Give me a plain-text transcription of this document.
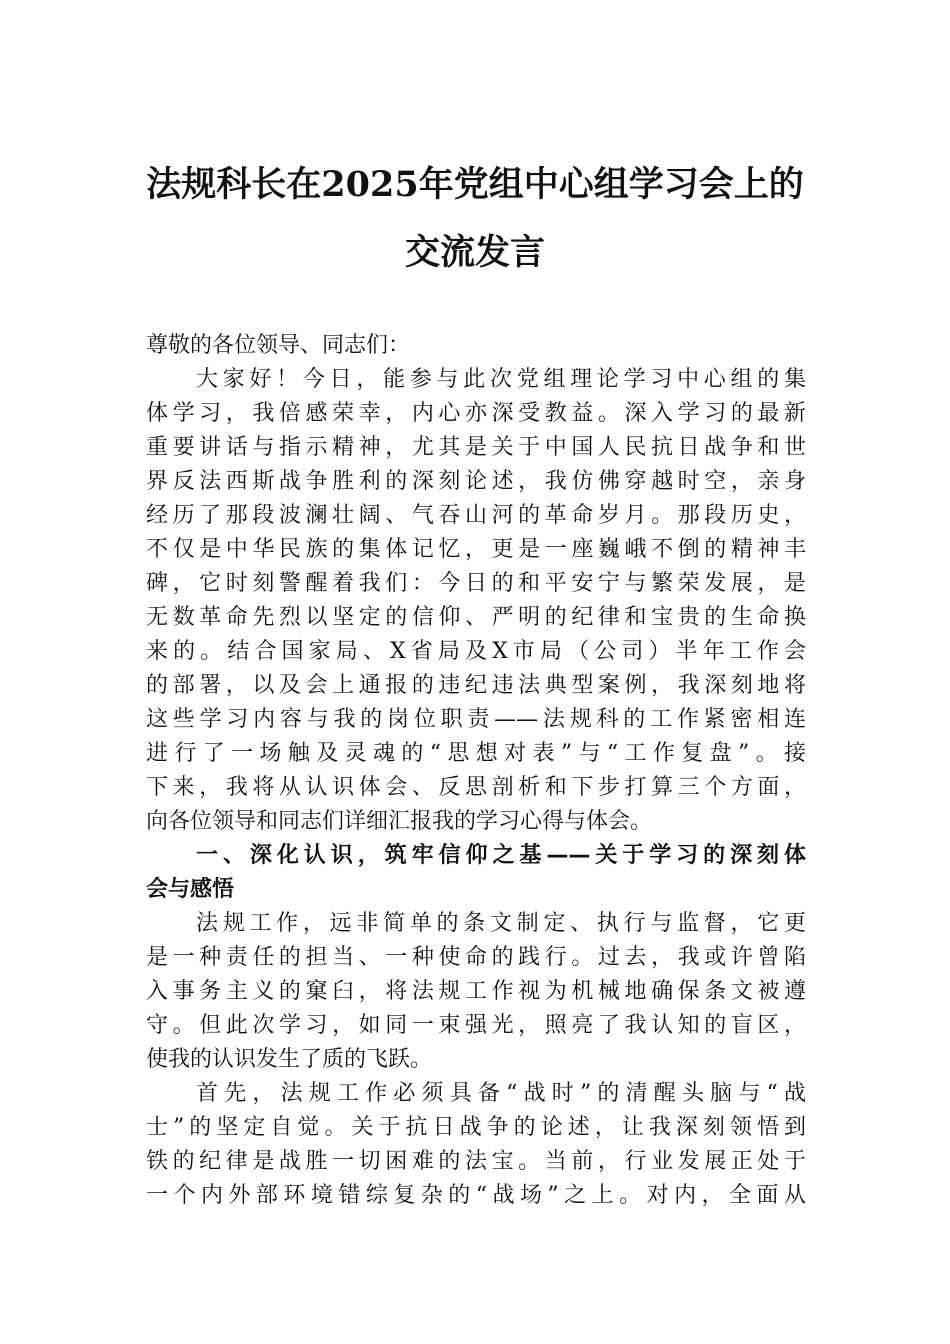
法规科长在2025年党组中心组学习会上的
交流发言
尊敬的各位领导、同志们：
大家好！今日，能参与此次党组理论学习中心组的集
体学习，我倍感荣幸，内心亦深受教益。深入学习的最新
重要讲话与指示精神，尤其是关于中国人民抗日战争和世
界反法西斯战争胜利的深刻论述，我仿佛穿越时空，亲身
经历了那段波澜壮阔、气吞山河的革命岁月。那段历史，
不仅是中华民族的集体记忆，更是一座巍峨不倒的精神丰
碑，它时刻警醒着我们：今日的和平安宁与繁荣发展，是
无数革命先烈以坚定的信仰、严明的纪律和宝贵的生命换
来的。结合国家局、X省局及X市局（公司）半年工作会
的部署，以及会上通报的违纪违法典型案例，我深刻地将
这些学习内容与我的岗位职责——法规科的工作紧密相连
进行了一场触及灵魂的“思想对表”与“工作复盘”。接
下来，我将从认识体会、反思剖析和下步打算三个方面，
向各位领导和同志们详细汇报我的学习心得与体会。
一、深化认识，筑牢信仰之基——关于学习的深刻体
会与感悟
法规工作，远非简单的条文制定、执行与监督，它更
是一种责任的担当、一种使命的践行。过去，我或许曾陷
入事务主义的窠臼，将法规工作视为机械地确保条文被遵
守。但此次学习，如同一束强光，照亮了我认知的盲区，
使我的认识发生了质的飞跃。
首先，法规工作必须具备“战时”的清醒头脑与“战
士”的坚定自觉。关于抗日战争的论述，让我深刻领悟到
铁的纪律是战胜一切困难的法宝。当前，行业发展正处于
一个内外部环境错综复杂的“战场”之上。对内，全面从
